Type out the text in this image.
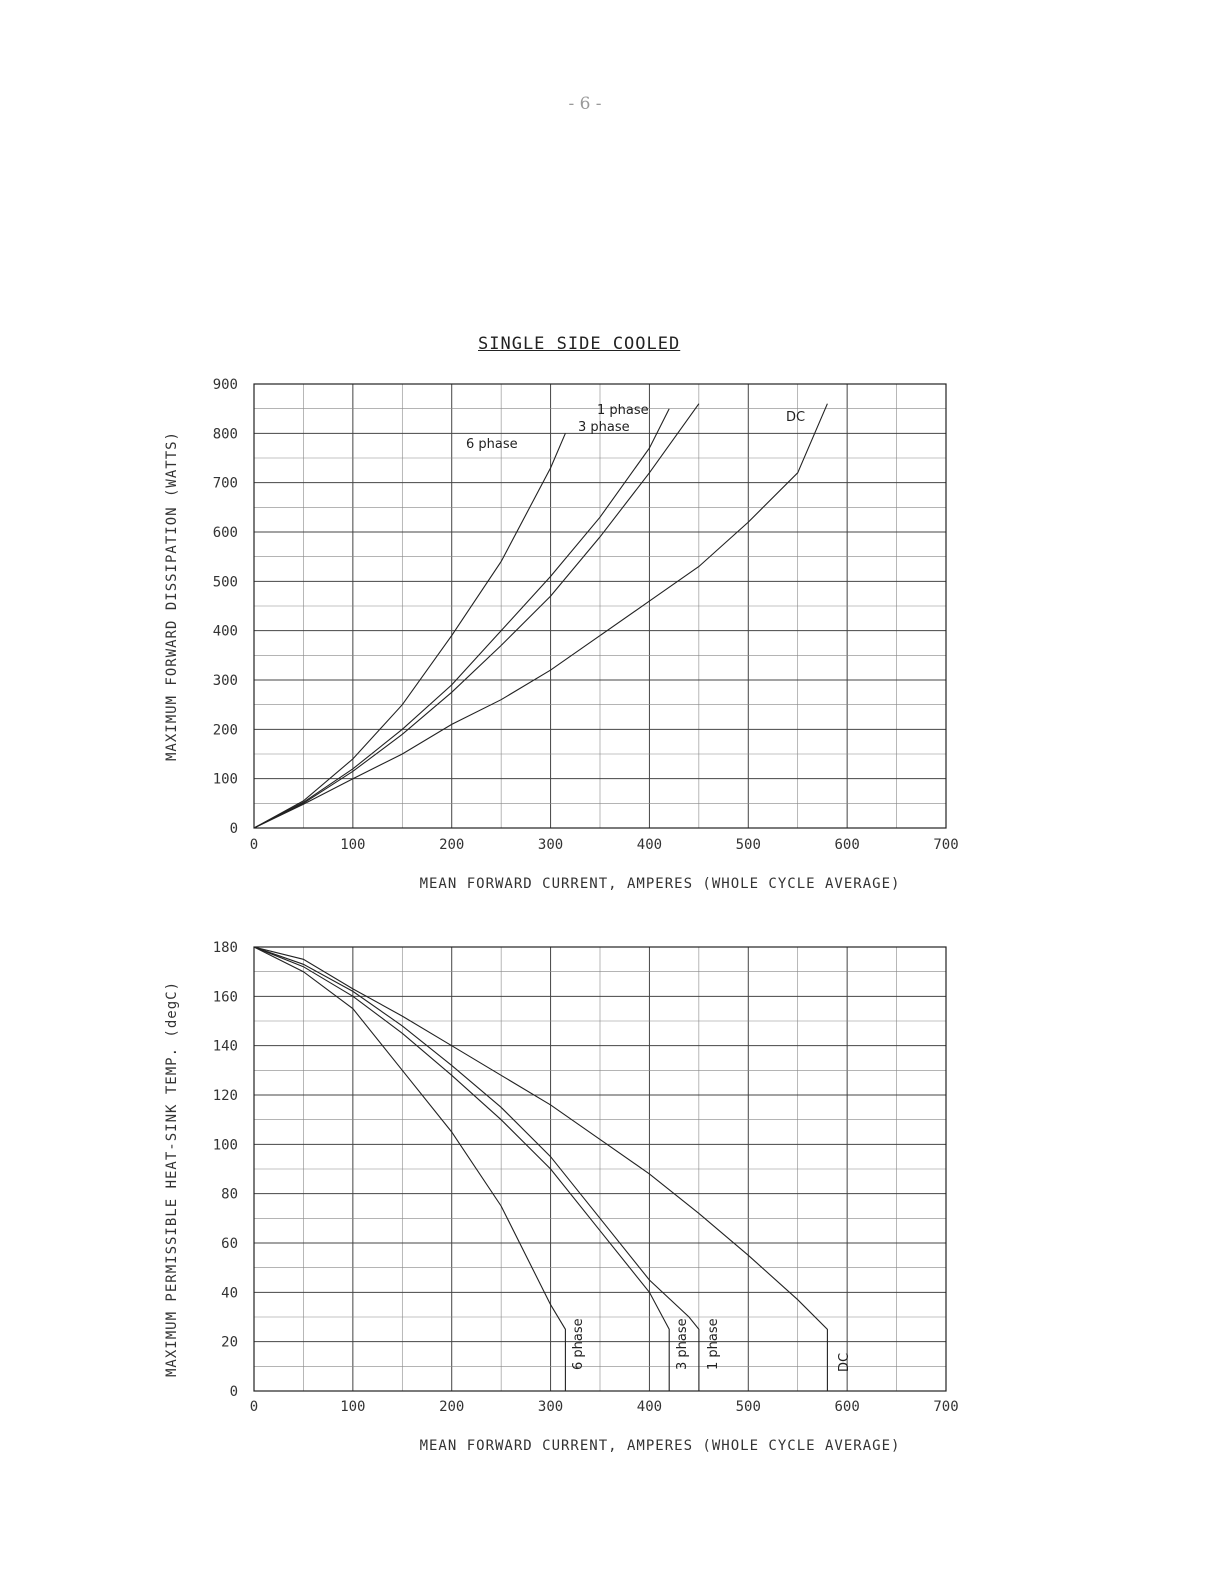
- 6 -
SINGLE SIDE COOLED
0	100	200	300	400	500	600	700
0
100
200
300
400
500
600
700
800
900
MEAN FORWARD CURRENT, AMPERES (WHOLE CYCLE AVERAGE)
MAXIMUM FORWARD DISSIPATION (WATTS)	6 phase
3 phase
1 phase	DC
0	100	200	300	400	500	600	700
0
20
40
60
80
100
120
140
160
180
MEAN FORWARD CURRENT, AMPERES (WHOLE CYCLE AVERAGE)
MAXIMUM PERMISSIBLE HEAT-SINK TEMP. (degC)	6 phase	3 phase 1 phase	DC
